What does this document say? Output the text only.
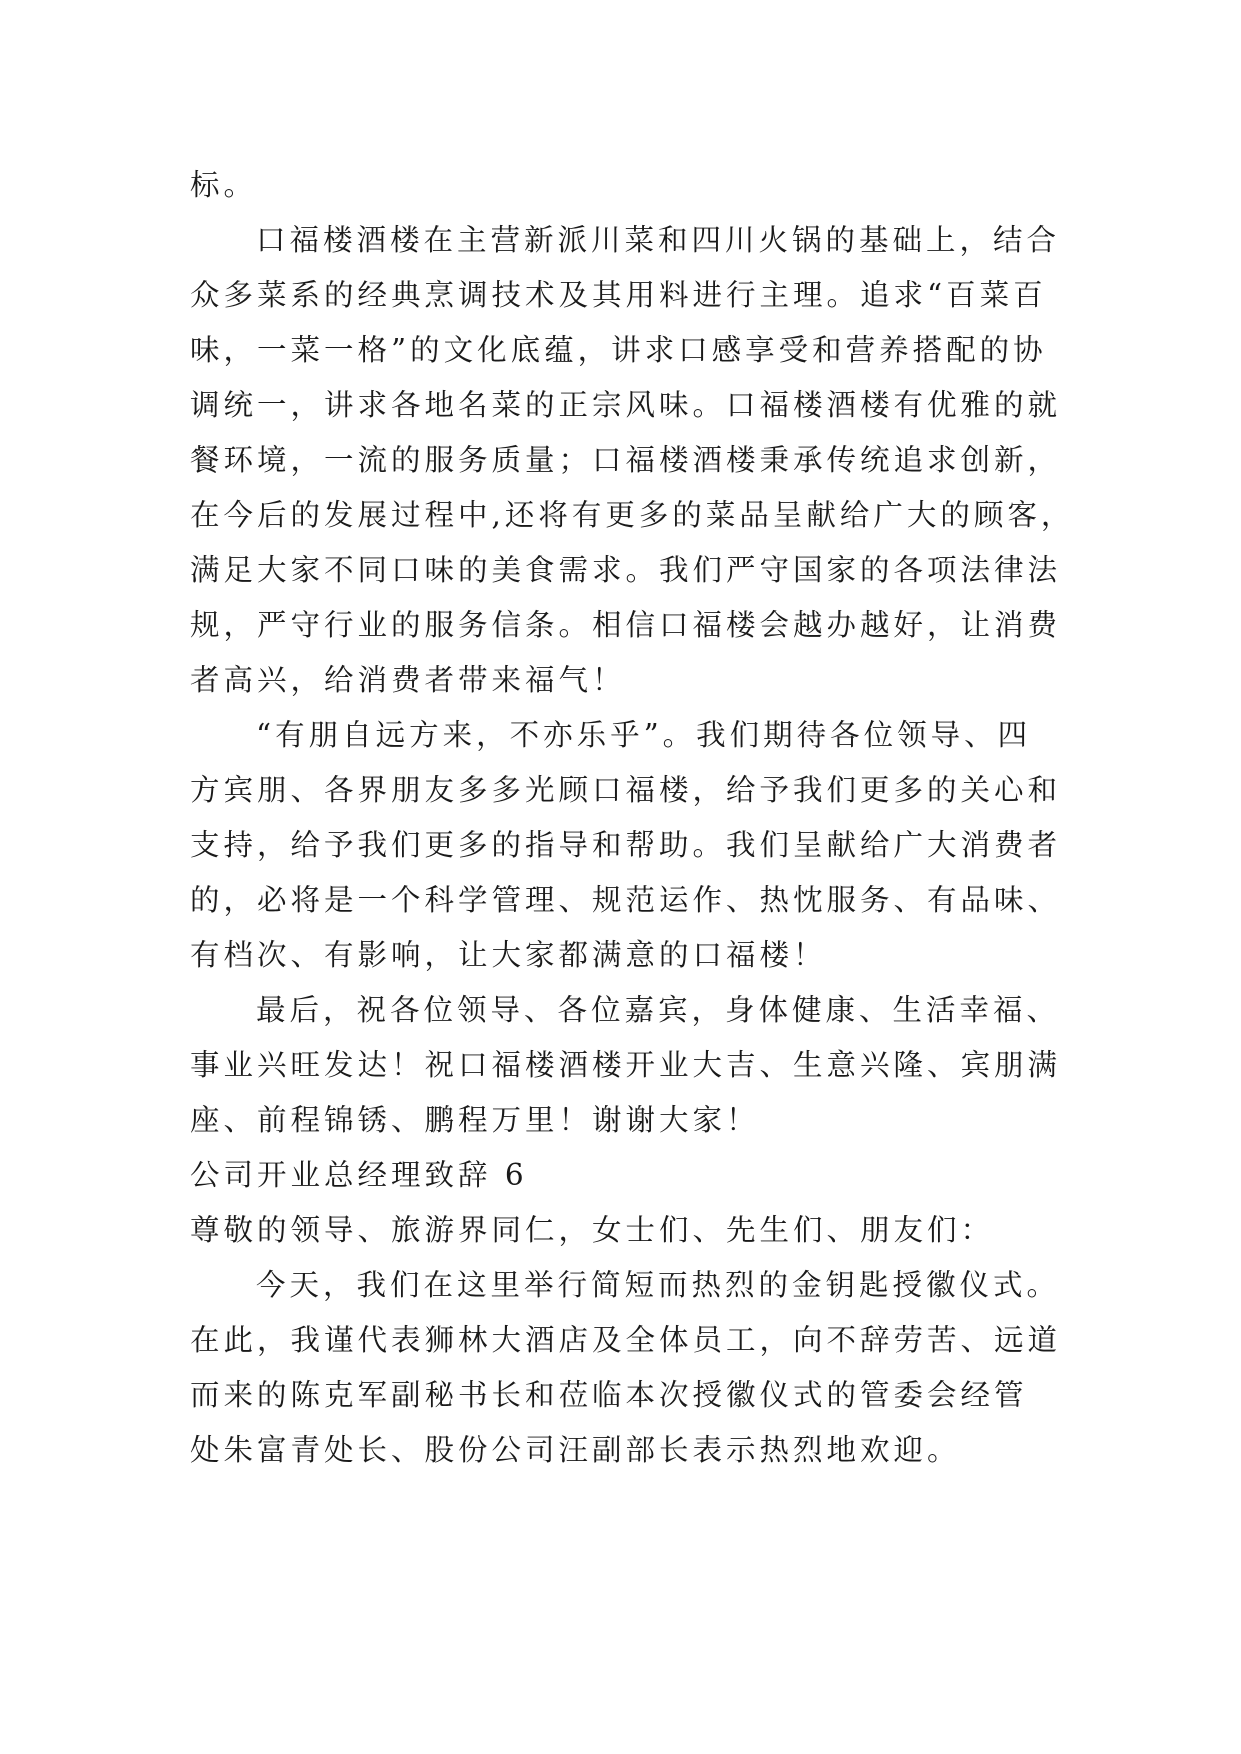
标。
口福楼酒楼在主营新派川菜和四川火锅的基础上，结合
众多菜系的经典烹调技术及其用料进行主理。追求“百菜百
味，一菜一格”的文化底蕴，讲求口感享受和营养搭配的协
调统一，讲求各地名菜的正宗风味。口福楼酒楼有优雅的就
餐环境，一流的服务质量；口福楼酒楼秉承传统追求创新，
在今后的发展过程中,还将有更多的菜品呈献给广大的顾客，
满足大家不同口味的美食需求。我们严守国家的各项法律法
规，严守行业的服务信条。相信口福楼会越办越好，让消费
者高兴，给消费者带来福气！
“有朋自远方来，不亦乐乎”。我们期待各位领导、四
方宾朋、各界朋友多多光顾口福楼，给予我们更多的关心和
支持，给予我们更多的指导和帮助。我们呈献给广大消费者
的，必将是一个科学管理、规范运作、热忱服务、有品味、
有档次、有影响，让大家都满意的口福楼！
最后，祝各位领导、各位嘉宾，身体健康、生活幸福、
事业兴旺发达！祝口福楼酒楼开业大吉、生意兴隆、宾朋满
座、前程锦锈、鹏程万里！谢谢大家！
公司开业总经理致辞 6
尊敬的领导、旅游界同仁，女士们、先生们、朋友们：
今天，我们在这里举行简短而热烈的金钥匙授徽仪式。
在此，我谨代表狮林大酒店及全体员工，向不辞劳苦、远道
而来的陈克军副秘书长和莅临本次授徽仪式的管委会经管
处朱富青处长、股份公司汪副部长表示热烈地欢迎。
